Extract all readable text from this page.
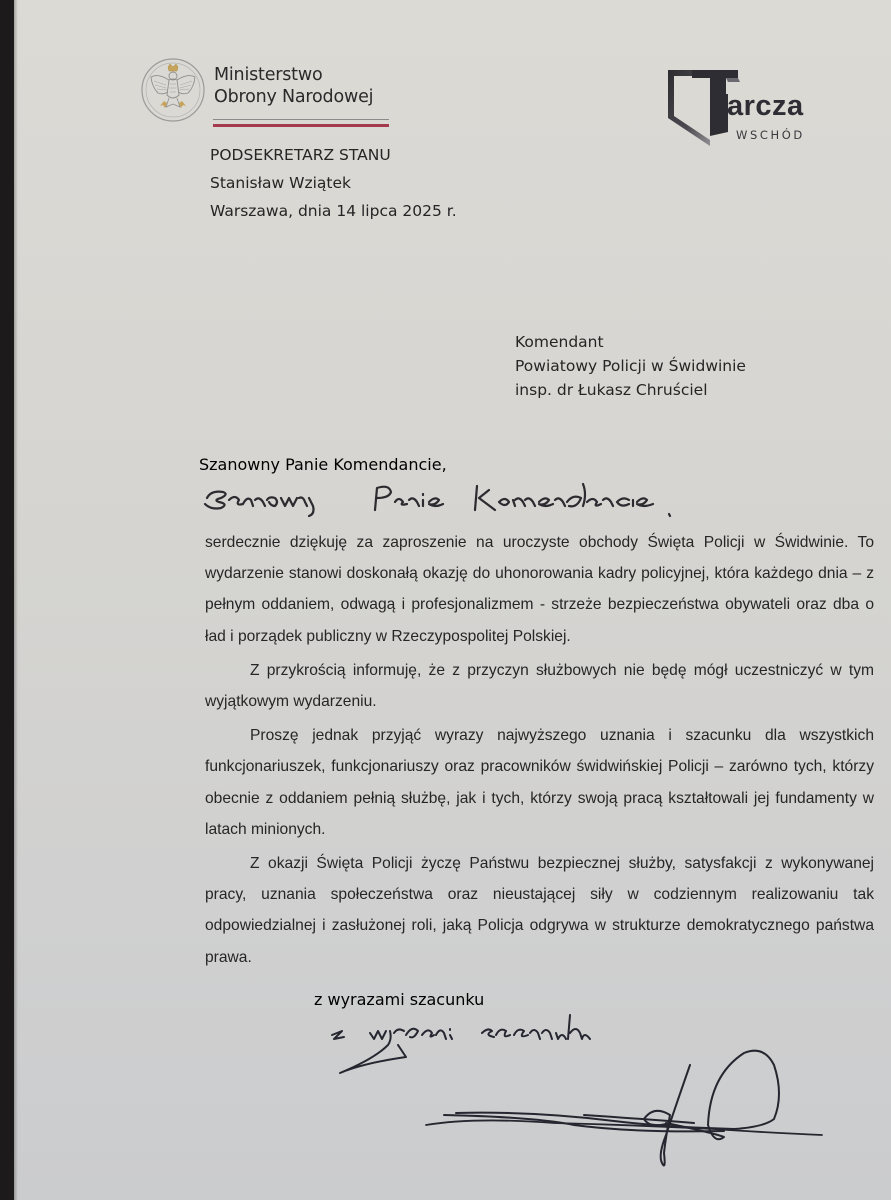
Ministerstwo
Obrony Narodowej	arcza
WSCHÓD
PODSEKRETARZ STANU
Stanisław Wziątek
Warszawa, dnia 14 lipca 2025 r.
Komendant
Powiatowy Policji w Świdwinie
insp. dr Łukasz Chruściel
Szanowny Panie Komendancie,

serdecznie dziękuję za zaproszenie na uroczyste obchody Święta Policji w Świdwinie. To wydarzenie stanowi doskonałą okazję do uhonorowania kadry policyjnej, która każdego dnia – z pełnym oddaniem, odwagą i profesjonalizmem - strzeże bezpieczeństwa obywateli oraz dba o ład i porządek publiczny w Rzeczypospolitej Polskiej.

Z przykrością informuję, że z przyczyn służbowych nie będę mógł uczestniczyć w tym wyjątkowym wydarzeniu.

Proszę jednak przyjąć wyrazy najwyższego uznania i szacunku dla wszystkich funkcjonariuszek, funkcjonariuszy oraz pracowników świdwińskiej Policji – zarówno tych, którzy obecnie z oddaniem pełnią służbę, jak i tych, którzy swoją pracą kształtowali jej fundamenty w latach minionych.

Z okazji Święta Policji życzę Państwu bezpiecznej służby, satysfakcji z wykonywanej pracy, uznania społeczeństwa oraz nieustającej siły w codziennym realizowaniu tak odpowiedzialnej i zasłużonej roli, jaką Policja odgrywa w strukturze demokratycznego państwa prawa.

z wyrazami szacunku
